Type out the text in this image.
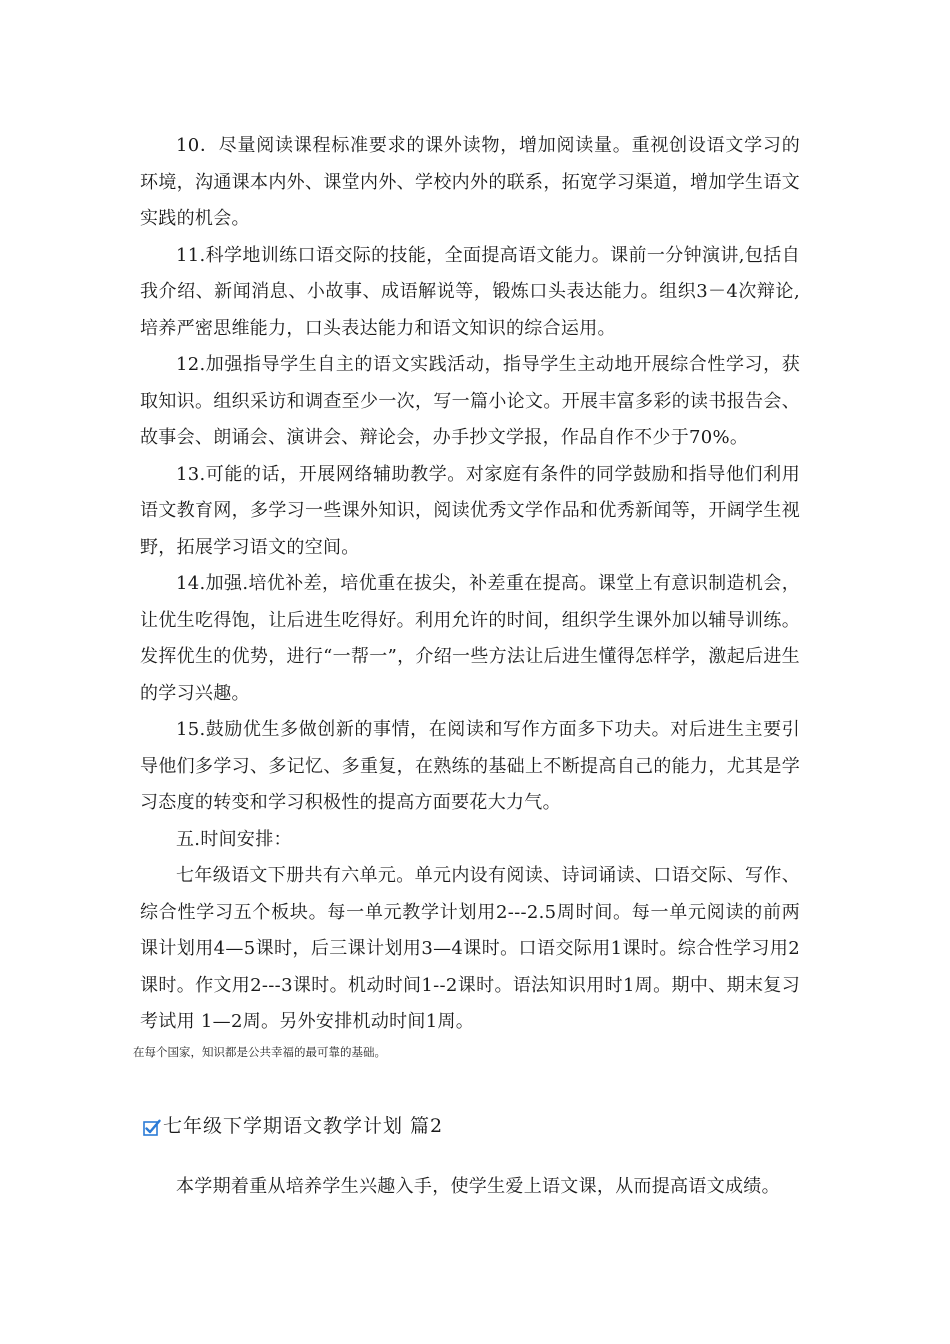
10．尽量阅读课程标准要求的课外读物，增加阅读量。重视创设语文学习的环境，沟通课本内外、课堂内外、学校内外的联系，拓宽学习渠道，增加学生语文实践的机会。

11.科学地训练口语交际的技能，全面提高语文能力。课前一分钟演讲,包括自我介绍、新闻消息、小故事、成语解说等，锻炼口头表达能力。组织3－4次辩论,培养严密思维能力，口头表达能力和语文知识的综合运用。

12.加强指导学生自主的语文实践活动，指导学生主动地开展综合性学习，获取知识。组织采访和调查至少一次，写一篇小论文。开展丰富多彩的读书报告会、故事会、朗诵会、演讲会、辩论会，办手抄文学报，作品自作不少于70%。

13.可能的话，开展网络辅助教学。对家庭有条件的同学鼓励和指导他们利用语文教育网，多学习一些课外知识，阅读优秀文学作品和优秀新闻等，开阔学生视野，拓展学习语文的空间。

14.加强.培优补差，培优重在拔尖，补差重在提高。课堂上有意识制造机会，让优生吃得饱，让后进生吃得好。利用允许的时间，组织学生课外加以辅导训练。发挥优生的优势，进行“一帮一”，介绍一些方法让后进生懂得怎样学，激起后进生的学习兴趣。

15.鼓励优生多做创新的事情，在阅读和写作方面多下功夫。对后进生主要引导他们多学习、多记忆、多重复，在熟练的基础上不断提高自己的能力，尤其是学习态度的转变和学习积极性的提高方面要花大力气。

五.时间安排：

七年级语文下册共有六单元。单元内设有阅读、诗词诵读、口语交际、写作、综合性学习五个板块。每一单元教学计划用2---2.5周时间。每一单元阅读的前两课计划用4—5课时，后三课计划用3—4课时。口语交际用1课时。综合性学习用2课时。作文用2---3课时。机动时间1--2课时。语法知识用时1周。期中、期末复习考试用 1—2周。另外安排机动时间1周。

在每个国家，知识都是公共幸福的最可靠的基础。
七年级下学期语文教学计划 篇2
本学期着重从培养学生兴趣入手，使学生爱上语文课，从而提高语文成绩。
